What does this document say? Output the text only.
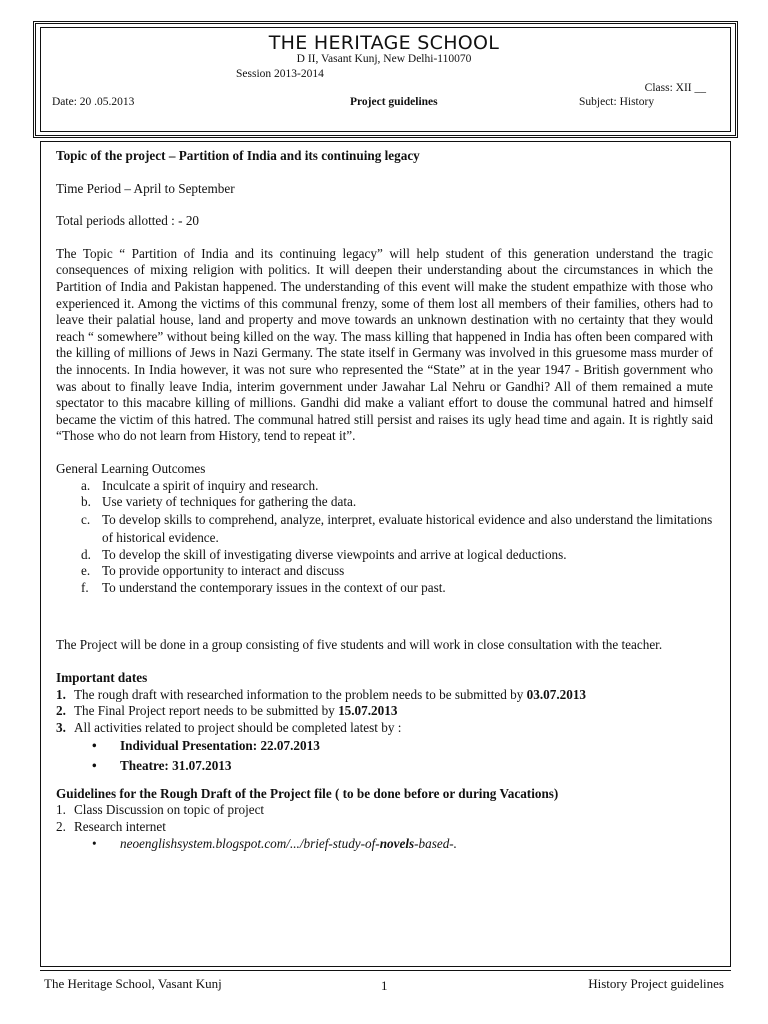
THE HERITAGE SCHOOL
D II, Vasant Kunj, New Delhi-110070
Session 2013-2014
Class: XII __
Date: 20 .05.2013	Project guidelines	Subject: History

Topic of the project – Partition of India and its continuing legacy

Time Period – April to September

Total periods allotted : - 20

The Topic “ Partition of India and its continuing legacy” will help student of this generation understand the tragic consequences of mixing religion with politics. It will deepen their understanding about the circumstances in which the Partition of India and Pakistan happened. The understanding of this event will make the student empathize with those who experienced it. Among the victims of this communal frenzy, some of them lost all members of their families, others had to leave their palatial house, land and property and move towards an unknown destination with no certainty that they would reach “ somewhere” without being killed on the way. The mass killing that happened in India has often been compared with the killing of millions of Jews in Nazi Germany. The state itself in Germany was involved in this gruesome mass murder of the innocents. In India however, it was not sure who represented the “State” at in the year 1947 - British government who was about to finally leave India, interim government under Jawahar Lal Nehru or Gandhi? All of them remained a mute spectator to this macabre killing of millions. Gandhi did make a valiant effort to douse the communal hatred and himself became the victim of this hatred. The communal hatred still persist and raises its ugly head time and again. It is rightly said “Those who do not learn from History, tend to repeat it”.

General Learning Outcomes

a. Inculcate a spirit of inquiry and research.
b. Use variety of techniques for gathering the data.
c. To develop skills to comprehend, analyze, interpret, evaluate historical evidence and also understand the limitations of historical evidence.
d. To develop the skill of investigating diverse viewpoints and arrive at logical deductions.
e. To provide opportunity to interact and discuss
f. To understand the contemporary issues in the context of our past.

The Project will be done in a group consisting of five students and will work in close consultation with the teacher.

Important dates

1. The rough draft with researched information to the problem needs to be submitted by 03.07.2013
2. The Final Project report needs to be submitted by 15.07.2013
3. All activities related to project should be completed latest by :
• Individual Presentation: 22.07.2013
• Theatre: 31.07.2013

Guidelines for the Rough Draft of the Project file ( to be done before or during Vacations)

1. Class Discussion on topic of project
2. Research internet
• neoenglishsystem.blogspot.com/.../brief-study-of-novels-based-.
The Heritage School, Vasant Kunj	1	History Project guidelines
